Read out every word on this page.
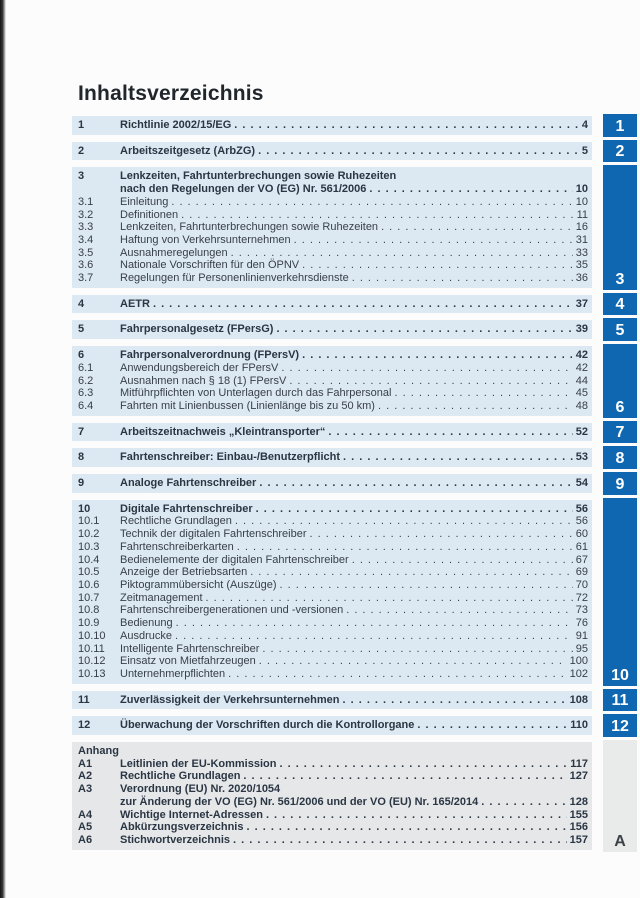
Inhaltsverzeichnis
1	Richtlinie 2002/15/EG . . .	4
2	Arbeitszeitgesetz (ArbZG) . . .	5
3	Lenkzeiten, Fahrtunterbrechungen sowie Ruhezeiten
nach den Regelungen der VO (EG) Nr. 561/2006 . . .	10
3.1	Einleitung . . .	10
3.2	Definitionen . . .	11
3.3	Lenkzeiten, Fahrtunterbrechungen sowie Ruhezeiten . . .	16
3.4	Haftung von Verkehrsunternehmen . . .	31
3.5	Ausnahmeregelungen . . .	33
3.6	Nationale Vorschriften für den ÖPNV . . .	35
3.7	Regelungen für Personenlinienverkehrsdienste . . .	36
4	AETR . . .	37
5	Fahrpersonalgesetz (FPersG) . . .	39
6	Fahrpersonalverordnung (FPersV) . . .	42
6.1	Anwendungsbereich der FPersV . . .	42
6.2	Ausnahmen nach § 18 (1) FPersV . . .	44
6.3	Mitführpflichten von Unterlagen durch das Fahrpersonal . . .	45
6.4	Fahrten mit Linienbussen (Linienlänge bis zu 50 km) . . .	48
7	Arbeitszeitnachweis „Kleintransporter“ . . .	52
8	Fahrtenschreiber: Einbau-/Benutzerpflicht . . .	53
9	Analoge Fahrtenschreiber . . .	54
10	Digitale Fahrtenschreiber . . .	56
10.1	Rechtliche Grundlagen . . .	56
10.2	Technik der digitalen Fahrtenschreiber . . .	60
10.3	Fahrtenschreiberkarten . . .	61
10.4	Bedienelemente der digitalen Fahrtenschreiber . . .	67
10.5	Anzeige der Betriebsarten . . .	69
10.6	Piktogrammübersicht (Auszüge) . . .	70
10.7	Zeitmanagement . . .	72
10.8	Fahrtenschreibergenerationen und -versionen . . .	73
10.9	Bedienung . . .	76
10.10	Ausdrucke . . .	91
10.11	Intelligente Fahrtenschreiber . . .	95
10.12	Einsatz von Mietfahrzeugen . . .	100
10.13	Unternehmerpflichten . . .	102
11	Zuverlässigkeit der Verkehrsunternehmen . . .	108
12	Überwachung der Vorschriften durch die Kontrollorgane . . .	110
Anhang
A1	Leitlinien der EU-Kommission . . .	117
A2	Rechtliche Grundlagen . . .	127
A3	Verordnung (EU) Nr. 2020/1054
zur Änderung der VO (EG) Nr. 561/2006 und der VO (EU) Nr. 165/2014 . . .	128
A4	Wichtige Internet-Adressen . . .	155
A5	Abkürzungsverzeichnis . . .	156
A6	Stichwortverzeichnis . . .	157
1
2
3
4
5
6
7
8
9
10
11
12
A
